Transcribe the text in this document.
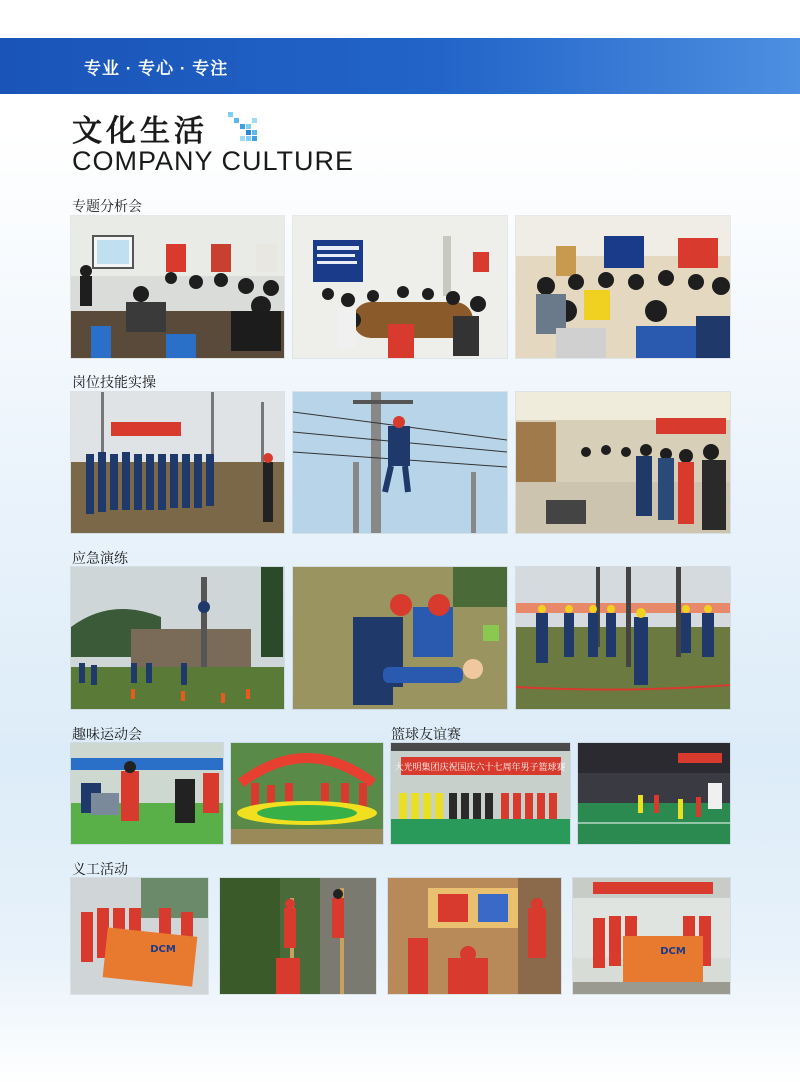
专业 · 专心 · 专注
文化生活
COMPANY CULTURE
专题分析会
岗位技能实操
应急演练
趣味运动会	篮球友谊赛
大光明集团庆祝国庆六十七周年男子篮球赛
义工活动
DCM	DCM
